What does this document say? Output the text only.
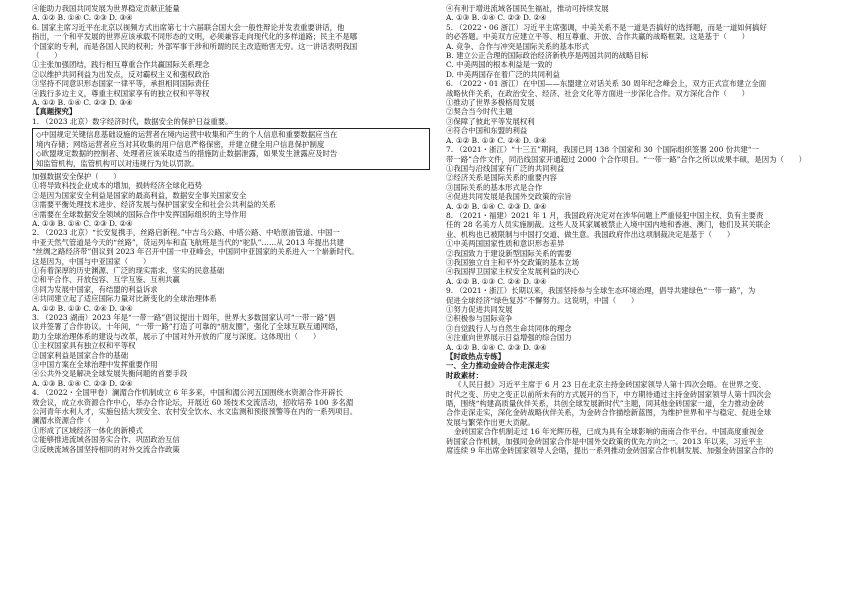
④能助力我国共同发展为世界稳定贡献正能量
A. ①② B. ①④ C. ②③ D. ③④
6. 国家主席习近平在北京以视频方式出席第七十六届联合国大会一般性辩论并发表重要讲话，他
指出，一个和平发展的世界应该承载不同形态的文明，必须兼容走向现代化的多样道路；民主不是哪
个国家的专利，而是各国人民的权利；外部军事干涉和所谓的民主改造贻害无穷。这一讲话表明我国
（　　）
①主张加强团结，践行相互尊重合作共赢国际关系理念
②以维护共同利益为出发点，反对霸权主义和强权政治
③坚持不同意识形态国家一律平等，承担相同国际责任
④践行多边主义，尊重主权国家享有的独立权和平等权
A. ①② B. ①④ C. ②③ D. ③④
【真题探究】
1. （2023 北京）数字经济时代，数据安全的保护日益重要。
◇中国规定关键信息基础设施的运营者在境内运营中收集和产生的个人信息和重要数据应当在
境内存储；网络运营者应当对其收集的用户信息严格保密，并建立健全用户信息保护制度
◇欧盟规定数据的控制者、处理者应该采取适当的措施防止数据泄露，如果发生泄露应及时告
知监管机构，监管机构可以对违规行为处以罚款。
加强数据安全保护（　　）
①将导致科技企业成本的增加，损转经济全球化趋势
②是因为国家安全利益是国家的最高利益，数据安全事关国家安全
③需要平衡处理技术进步、经济发展与保护国家安全和社会公共利益的关系
④需要在全球数据安全领域的国际合作中发挥国际组织的主导作用
A. ①③ B. ①④ C. ②③ D. ②④
2. （2023 北京）“长安复携手，丝路启新程。”中吉乌公路、中塔公路、中哈原油管道、中国一
中亚天然气管道是今天的“丝路”，货运列车和直飞航班是当代的“驼队”……从 2013 年提出共建
“丝绸之路经济带”倡议到 2023 年召开中国一中亚峰会，中国同中亚国家的关系进入一个崭新时代。
这是因为，中国与中亚国家（　　）
①有着深厚的历史渊源、广泛的现实需求、坚实的民意基础
②和平合作、开放包容、互学互鉴、互利共赢
③同为发展中国家，有结盟的利益诉求
④共同建立起了适应国际力量对比新变化的全球治理体系
A. ①② B. ①③ C. ②④ D. ③④
3. （2023 湖南）2023 年是“一带一路”倡议提出十周年，世界大多数国家认可“一带一路”倡
议并签署了合作协议。十年间，“一带一路”打造了可靠的“朋友圈”，强化了全球互联互通网络，
助力全球治理体系的建设与改革，展示了中国对外开放的广度与深度。这体现出（　　）
①主权国家具有独立权和平等权
②国家利益是国家合作的基础
③中国方案在全球治理中发挥重要作用
④公共外交是解决全球发展失衡问题的首要手段
A. ①③ B. ①④ C. ②③ D. ②④
4. （2022・全国甲卷）澜湄合作机制成立 6 年多来，中国和湄公河五国围绕水资源合作开辟长
效会议，成立水资源合作中心，举办合作论坛，开展近 60 场技术交流活动，招收培养 100 多名湄
公河青年水利人才，实施包括大坝安全、农村安全饮水、水文监测和预报预警等在内的一系列项目。
澜湄水资源合作（　　）
①形成了区域经济一体化的新模式
②能够推进流域各国务实合作、巩固政治互信
③反映流域各国坚持相同的对外交流合作政策
④有利于增进流域各国民生福祉，推动可持续发展
A. ①③ B. ①④ C. ②③ D. ②④
5. （2022・06 浙江）习近平主席强调，中美关系不是一道是否搞好的选择题，而是一道如何搞好
的必答题。中美双方应建立平等、相互尊重、开放、合作共赢的战略框架。这是基于（　　）
A. 竞争、合作与冲突是国际关系的基本形式
B. 建立公正合理的国际政治经济新秩序是两国共同的战略目标
C. 中美两国的根本利益是一致的
D. 中美两国存在着广泛的共同利益
6. （2022・01 浙江）在中国——东盟建立对话关系 30 周年纪念峰会上，双方正式宣布建立全面
战略伙伴关系，在政治安全、经济、社会文化等方面进一步深化合作。双方深化合作（　　）
①推动了世界多极格局发展
②契合当今时代主题
③保障了彼此平等发展权利
④符合中国和东盟的利益
A. ①② B. ①③ C. ②④ D. ③④
7. （2021・浙江）“十三五”期间，我国已同 138 个国家和 30 个国际组织签署 200 份共建“一
带一路”合作文件，同沿线国家开通超过 2000 个合作项目。“一带一路”合作之所以成果丰硕，是因为（　　）
①我国与沿线国家有广泛的共同利益
②经济关系是国际关系的重要内容
③国际关系的基本形式是合作
④促进共同发展是我国外交政策的宗旨
A. ①② B. ①④ C. ②③ D. ③④
8. （2021・福建）2021 年 1 月，我国政府决定对在涉华问题上严重侵犯中国主权、负有主要责
任的 28 名美方人员实施制裁。这些人及其家属被禁止入境中国内地和香港、澳门，他们及其关联企
业、机构也已被限制与中国打交道、做生意。我国政府作出这项制裁决定是基于（　　）
①中美两国国家性质和意识形态差异
②我国致力于建设新型国际关系的需要
③我国独立自主和平外交政策的基本立场
④我国捍卫国家主权安全发展利益的决心
A. ①② B. ①③ C. ②④ D. ③④
9. （2021・浙江）长期以来，我国坚持参与全球生态环境治理，倡导共建绿色“一带一路”，为
促进全球经济“绿色复苏”不懈努力。这说明，中国（　　）
①努力促进共同发展
②积极参与国际竞争
③自觉践行人与自然生命共同体的理念
④注重向世界展示日益增强的综合国力
A. ①② B. ①④ C. ②③ D. ③④
【时政热点专练】
一、全力推动金砖合作走深走实
时政素材：
《人民日报》习近平主席于 6 月 23 日在北京主持金砖国家领导人第十四次会晤。在世界之变、
时代之变、历史之变正以前所未有的方式展开的当下，中方期待通过主持金砖国家领导人第十四次会
晤，围绕“构建高质量伙伴关系，共创全球发展新时代”主题，同其他金砖国家一道，全力推动金砖
合作走深走实，深化金砖战略伙伴关系，为金砖合作描绘新蓝图，为维护世界和平与稳定、促进全球
发展与繁荣作出更大贡献。
金砖国家合作机制走过 16 年光辉历程，已成为具有全球影响的南南合作平台。中国高度重视金
砖国家合作机制，加强同金砖国家合作是中国外交政策的优先方向之一。2013 年以来，习近平主
席连续 9 年出席金砖国家领导人会晤，提出一系列推动金砖国家合作机制发展、加强金砖国家合作的
